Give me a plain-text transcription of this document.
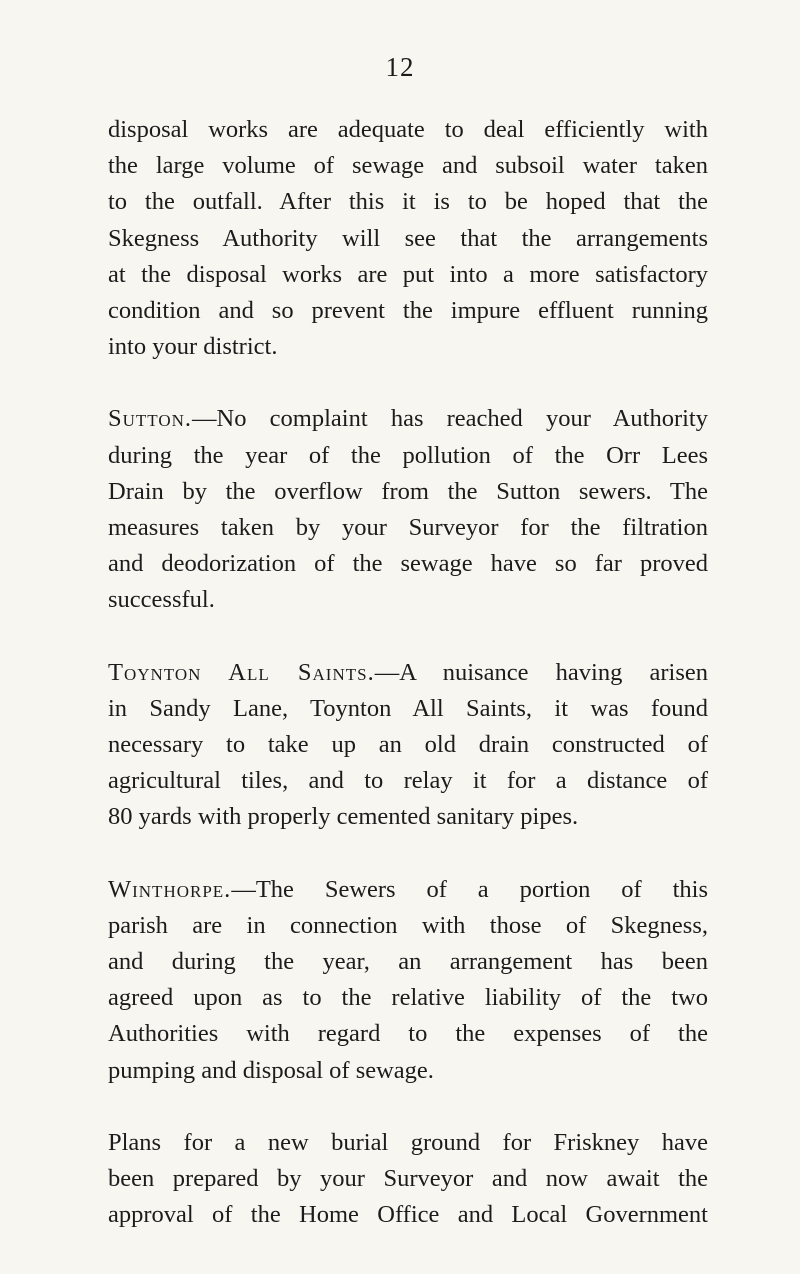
12
disposal works are adequate to deal efficiently with
the large volume of sewage and subsoil water taken
to the outfall. After this it is to be hoped that the
Skegness Authority will see that the arrangements
at the disposal works are put into a more satisfactory
condition and so prevent the impure effluent running
into your district.
Sutton.—No complaint has reached your Authority
during the year of the pollution of the Orr Lees
Drain by the overflow from the Sutton sewers. The
measures taken by your Surveyor for the filtration
and deodorization of the sewage have so far proved
successful.
Toynton All Saints.—A nuisance having arisen
in Sandy Lane, Toynton All Saints, it was found
necessary to take up an old drain constructed of
agricultural tiles, and to relay it for a distance of
80 yards with properly cemented sanitary pipes.
Winthorpe.—The Sewers of a portion of this
parish are in connection with those of Skegness,
and during the year, an arrangement has been
agreed upon as to the relative liability of the two
Authorities with regard to the expenses of the
pumping and disposal of sewage.
Plans for a new burial ground for Friskney have
been prepared by your Surveyor and now await the
approval of the Home Office and Local Government
